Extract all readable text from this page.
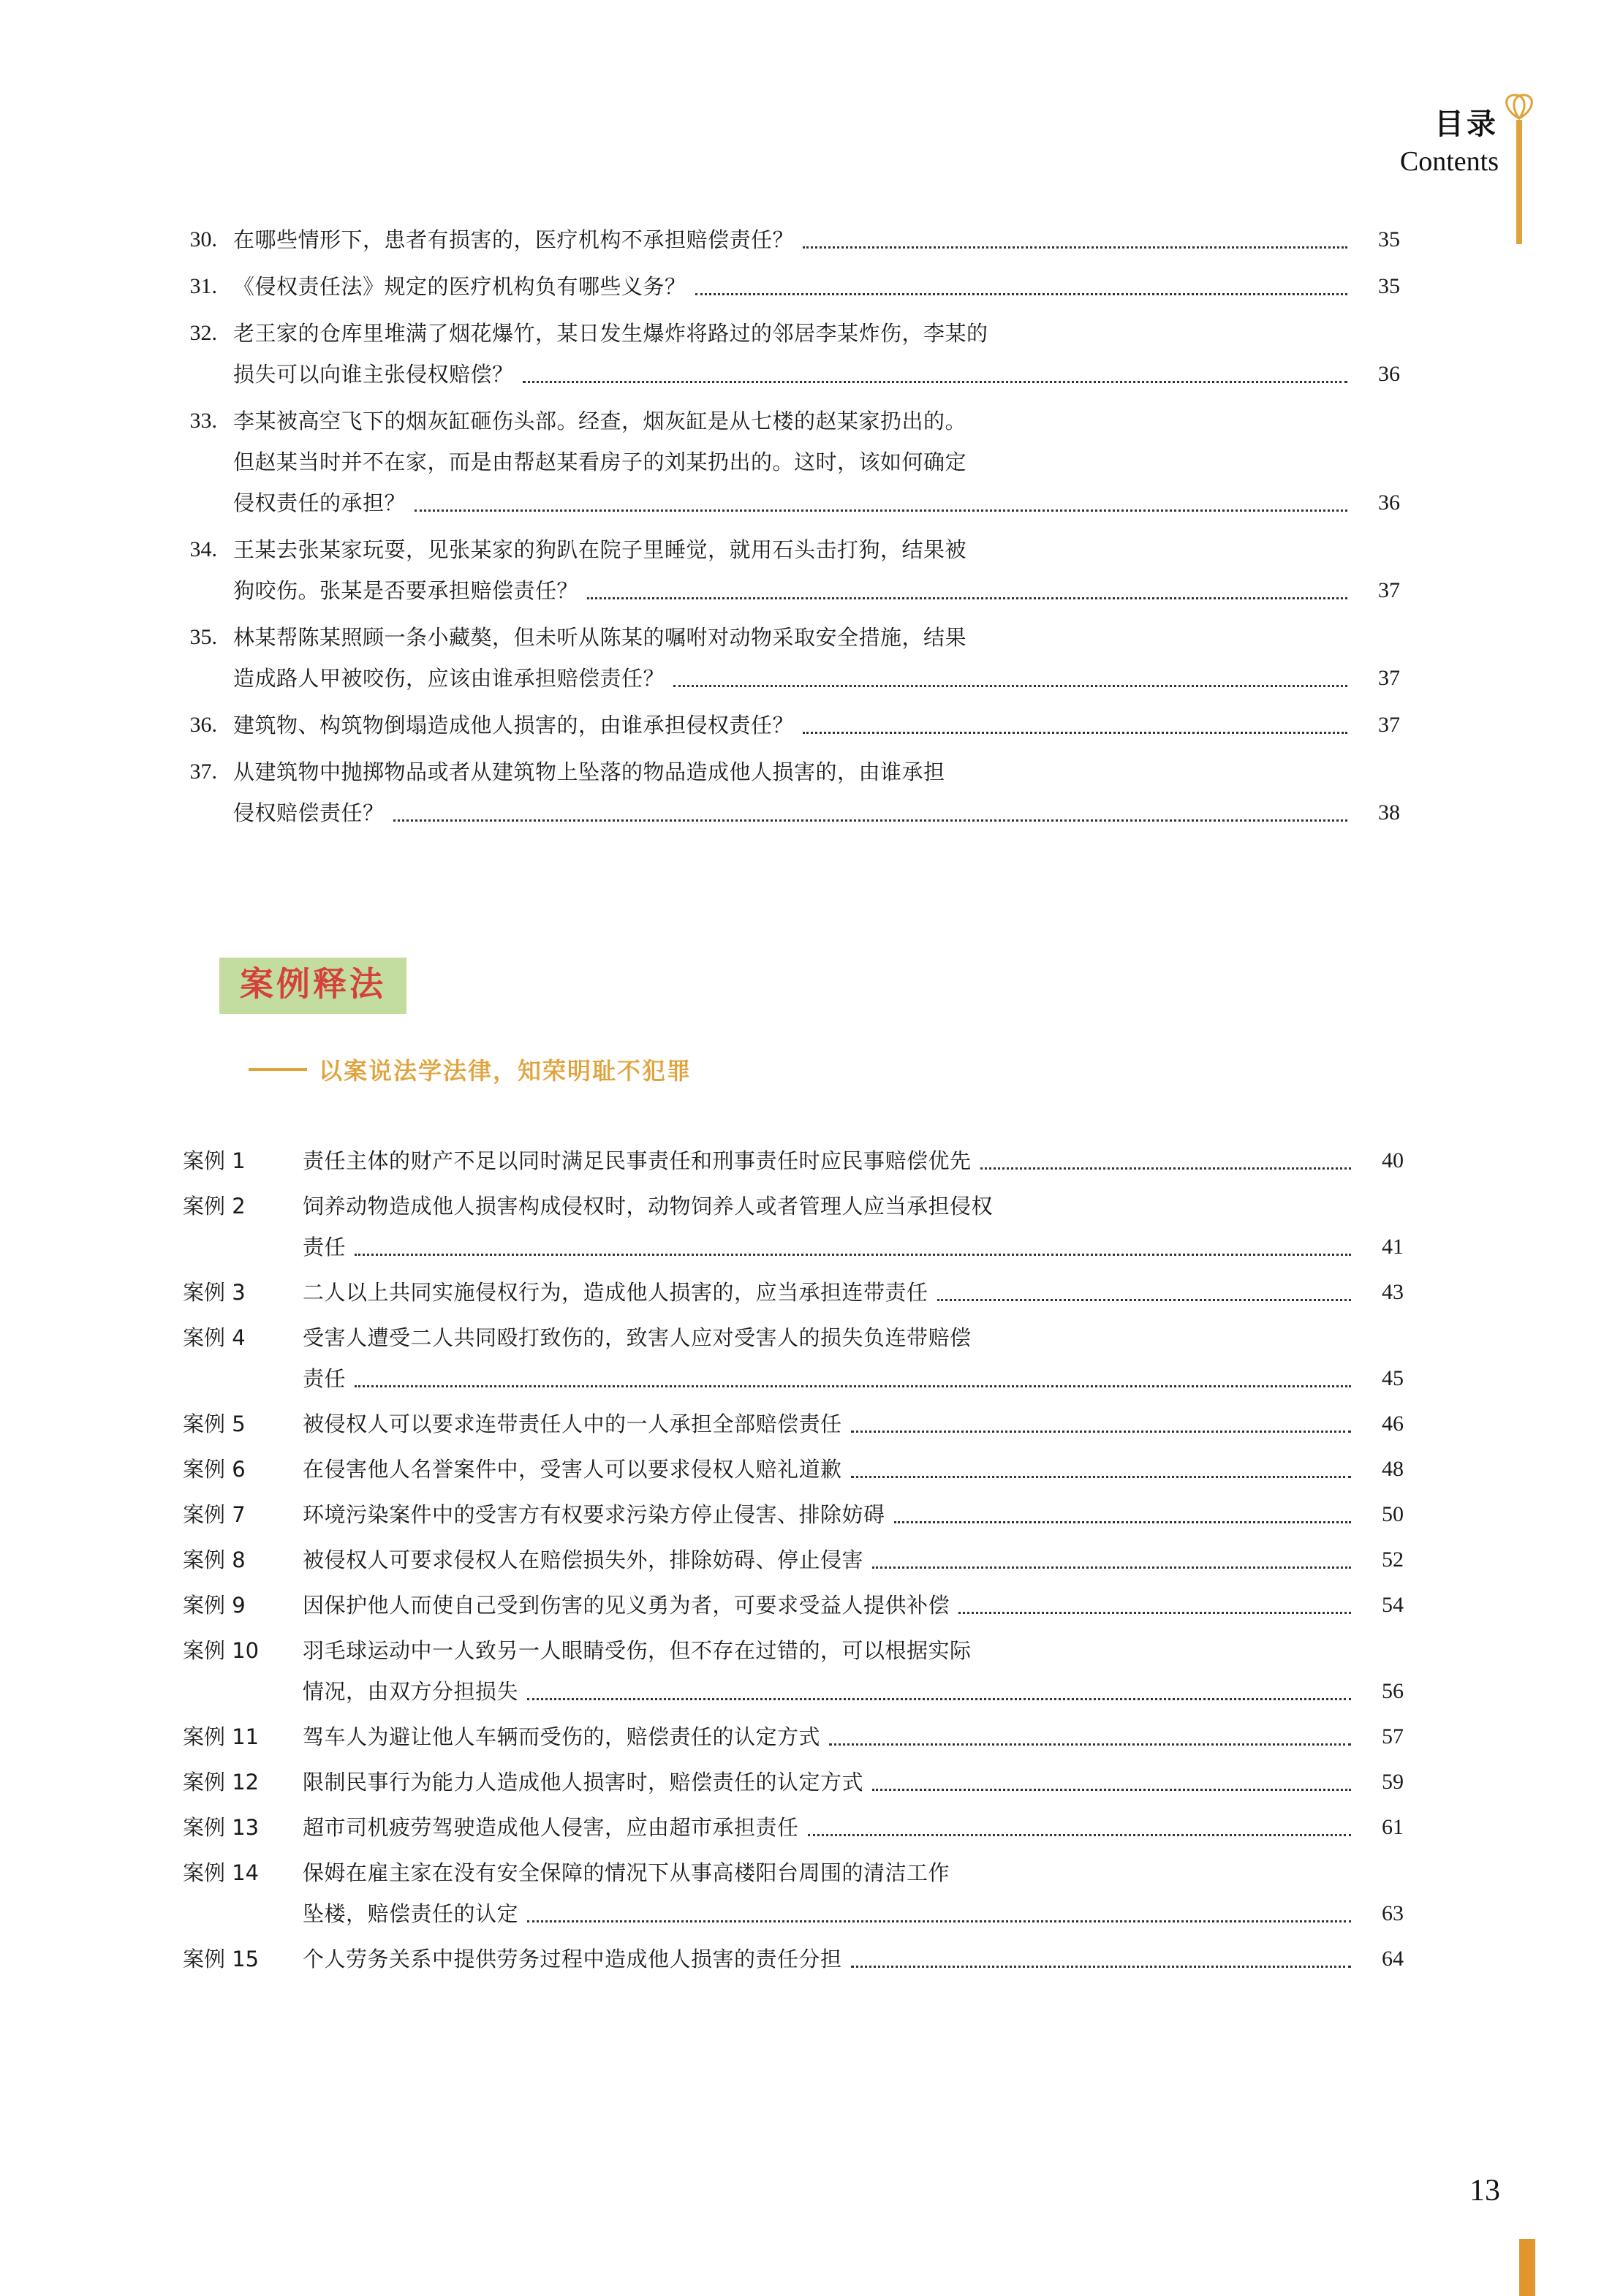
目录
Contents
30. 在哪些情形下，患者有损害的，医疗机构不承担赔偿责任？	35
31. 《侵权责任法》规定的医疗机构负有哪些义务？	35
32. 老王家的仓库里堆满了烟花爆竹，某日发生爆炸将路过的邻居李某炸伤，李某的
损失可以向谁主张侵权赔偿？	36
33. 李某被高空飞下的烟灰缸砸伤头部。经查，烟灰缸是从七楼的赵某家扔出的。
但赵某当时并不在家，而是由帮赵某看房子的刘某扔出的。这时，该如何确定
侵权责任的承担？	36
34. 王某去张某家玩耍，见张某家的狗趴在院子里睡觉，就用石头击打狗，结果被
狗咬伤。张某是否要承担赔偿责任？	37
35. 林某帮陈某照顾一条小藏獒，但未听从陈某的嘱咐对动物采取安全措施，结果
造成路人甲被咬伤，应该由谁承担赔偿责任？	37
36. 建筑物、构筑物倒塌造成他人损害的，由谁承担侵权责任？	37
37. 从建筑物中抛掷物品或者从建筑物上坠落的物品造成他人损害的，由谁承担
侵权赔偿责任？	38
案例释法
以案说法学法律，知荣明耻不犯罪
案例 1	责任主体的财产不足以同时满足民事责任和刑事责任时应民事赔偿优先	40
案例 2	饲养动物造成他人损害构成侵权时，动物饲养人或者管理人应当承担侵权
责任	41
案例 3	二人以上共同实施侵权行为，造成他人损害的，应当承担连带责任	43
案例 4	受害人遭受二人共同殴打致伤的，致害人应对受害人的损失负连带赔偿
责任	45
案例 5	被侵权人可以要求连带责任人中的一人承担全部赔偿责任	46
案例 6	在侵害他人名誉案件中，受害人可以要求侵权人赔礼道歉	48
案例 7	环境污染案件中的受害方有权要求污染方停止侵害、排除妨碍	50
案例 8	被侵权人可要求侵权人在赔偿损失外，排除妨碍、停止侵害	52
案例 9	因保护他人而使自己受到伤害的见义勇为者，可要求受益人提供补偿	54
案例 10	羽毛球运动中一人致另一人眼睛受伤，但不存在过错的，可以根据实际
情况，由双方分担损失	56
案例 11	驾车人为避让他人车辆而受伤的，赔偿责任的认定方式	57
案例 12	限制民事行为能力人造成他人损害时，赔偿责任的认定方式	59
案例 13	超市司机疲劳驾驶造成他人侵害，应由超市承担责任	61
案例 14	保姆在雇主家在没有安全保障的情况下从事高楼阳台周围的清洁工作
坠楼，赔偿责任的认定	63
案例 15	个人劳务关系中提供劳务过程中造成他人损害的责任分担	64
13
